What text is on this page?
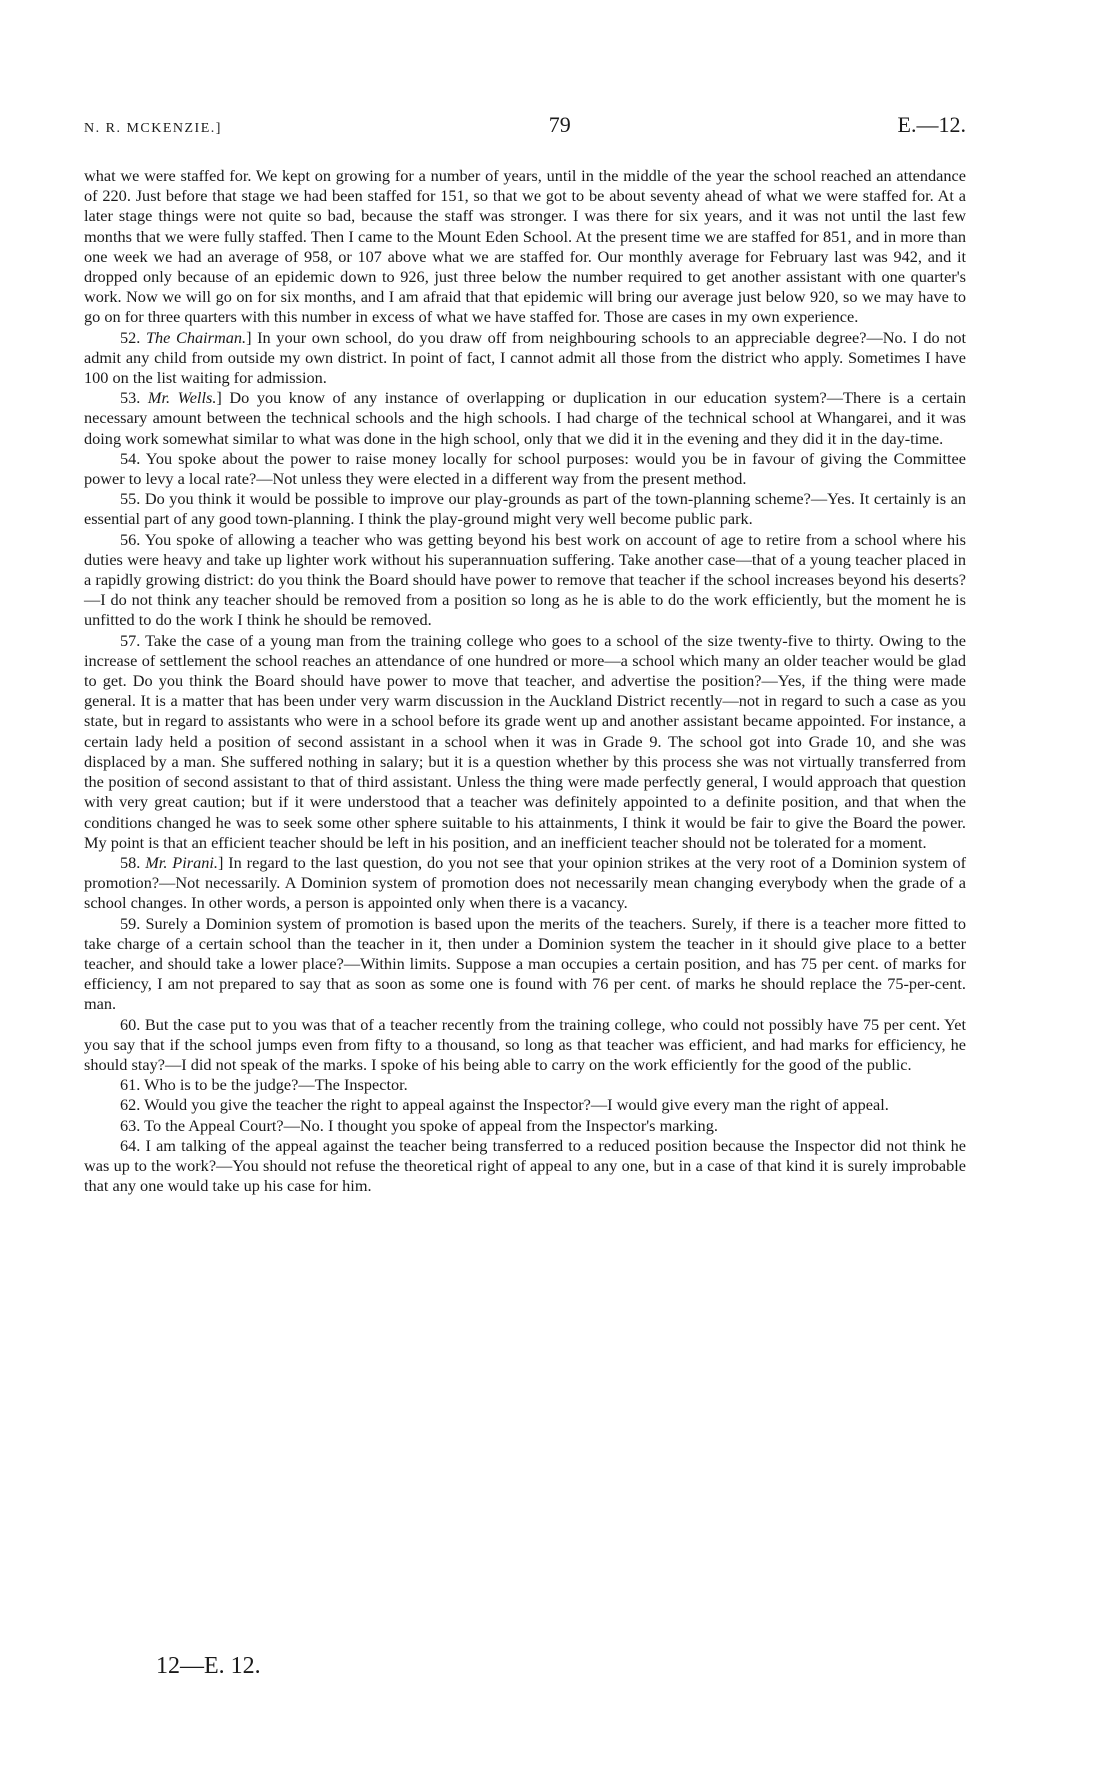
N. R. MCKENZIE.]	79	E.—12.

what we were staffed for. We kept on growing for a number of years, until in the middle of the year the school reached an attendance of 220. Just before that stage we had been staffed for 151, so that we got to be about seventy ahead of what we were staffed for. At a later stage things were not quite so bad, because the staff was stronger. I was there for six years, and it was not until the last few months that we were fully staffed. Then I came to the Mount Eden School. At the present time we are staffed for 851, and in more than one week we had an average of 958, or 107 above what we are staffed for. Our monthly average for February last was 942, and it dropped only because of an epidemic down to 926, just three below the number required to get another assistant with one quarter's work. Now we will go on for six months, and I am afraid that that epidemic will bring our average just below 920, so we may have to go on for three quarters with this number in excess of what we have staffed for. Those are cases in my own experience.

52. The Chairman.] In your own school, do you draw off from neighbouring schools to an appreciable degree?—No. I do not admit any child from outside my own district. In point of fact, I cannot admit all those from the district who apply. Sometimes I have 100 on the list waiting for admission.

53. Mr. Wells.] Do you know of any instance of overlapping or duplication in our education system?—There is a certain necessary amount between the technical schools and the high schools. I had charge of the technical school at Whangarei, and it was doing work somewhat similar to what was done in the high school, only that we did it in the evening and they did it in the day-time.

54. You spoke about the power to raise money locally for school purposes: would you be in favour of giving the Committee power to levy a local rate?—Not unless they were elected in a different way from the present method.

55. Do you think it would be possible to improve our play-grounds as part of the town-planning scheme?—Yes. It certainly is an essential part of any good town-planning. I think the play-ground might very well become public park.

56. You spoke of allowing a teacher who was getting beyond his best work on account of age to retire from a school where his duties were heavy and take up lighter work without his superannuation suffering. Take another case—that of a young teacher placed in a rapidly growing district: do you think the Board should have power to remove that teacher if the school increases beyond his deserts?—I do not think any teacher should be removed from a position so long as he is able to do the work efficiently, but the moment he is unfitted to do the work I think he should be removed.

57. Take the case of a young man from the training college who goes to a school of the size twenty-five to thirty. Owing to the increase of settlement the school reaches an attendance of one hundred or more—a school which many an older teacher would be glad to get. Do you think the Board should have power to move that teacher, and advertise the position?—Yes, if the thing were made general. It is a matter that has been under very warm discussion in the Auckland District recently—not in regard to such a case as you state, but in regard to assistants who were in a school before its grade went up and another assistant became appointed. For instance, a certain lady held a position of second assistant in a school when it was in Grade 9. The school got into Grade 10, and she was displaced by a man. She suffered nothing in salary; but it is a question whether by this process she was not virtually transferred from the position of second assistant to that of third assistant. Unless the thing were made perfectly general, I would approach that question with very great caution; but if it were understood that a teacher was definitely appointed to a definite position, and that when the conditions changed he was to seek some other sphere suitable to his attainments, I think it would be fair to give the Board the power. My point is that an efficient teacher should be left in his position, and an inefficient teacher should not be tolerated for a moment.

58. Mr. Pirani.] In regard to the last question, do you not see that your opinion strikes at the very root of a Dominion system of promotion?—Not necessarily. A Dominion system of promotion does not necessarily mean changing everybody when the grade of a school changes. In other words, a person is appointed only when there is a vacancy.

59. Surely a Dominion system of promotion is based upon the merits of the teachers. Surely, if there is a teacher more fitted to take charge of a certain school than the teacher in it, then under a Dominion system the teacher in it should give place to a better teacher, and should take a lower place?—Within limits. Suppose a man occupies a certain position, and has 75 per cent. of marks for efficiency, I am not prepared to say that as soon as some one is found with 76 per cent. of marks he should replace the 75-per-cent. man.

60. But the case put to you was that of a teacher recently from the training college, who could not possibly have 75 per cent. Yet you say that if the school jumps even from fifty to a thousand, so long as that teacher was efficient, and had marks for efficiency, he should stay?—I did not speak of the marks. I spoke of his being able to carry on the work efficiently for the good of the public.

61. Who is to be the judge?—The Inspector.

62. Would you give the teacher the right to appeal against the Inspector?—I would give every man the right of appeal.

63. To the Appeal Court?—No. I thought you spoke of appeal from the Inspector's marking.

64. I am talking of the appeal against the teacher being transferred to a reduced position because the Inspector did not think he was up to the work?—You should not refuse the theoretical right of appeal to any one, but in a case of that kind it is surely improbable that any one would take up his case for him.

12—E. 12.
